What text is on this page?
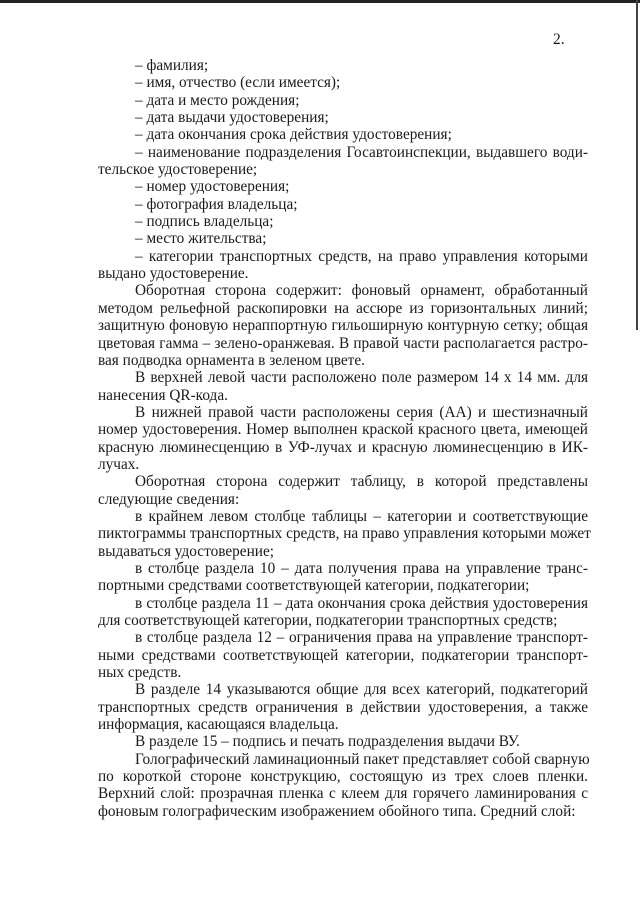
2.
– фамилия;
– имя, отчество (если имеется);
– дата и место рождения;
– дата выдачи удостоверения;
– дата окончания срока действия удостоверения;
– наименование подразделения Госавтоинспекции, выдавшего води-
тельское удостоверение;
– номер удостоверения;
– фотография владельца;
– подпись владельца;
– место жительства;
– категории транспортных средств, на право управления которыми
выдано удостоверение.
Оборотная сторона содержит: фоновый орнамент, обработанный
методом рельефной раскопировки на ассюре из горизонтальных линий;
защитную фоновую нераппортную гильоширную контурную сетку; общая
цветовая гамма – зелено-оранжевая. В правой части располагается растро-
вая подводка орнамента в зеленом цвете.
В верхней левой части расположено поле размером 14 х 14 мм. для
нанесения QR-кода.
В нижней правой части расположены серия (АА) и шестизначный
номер удостоверения. Номер выполнен краской красного цвета, имеющей
красную люминесценцию в УФ-лучах и красную люминесценцию в ИК-
лучах.
Оборотная сторона содержит таблицу, в которой представлены
следующие сведения:
в крайнем левом столбце таблицы – категории и соответствующие
пиктограммы транспортных средств, на право управления которыми может
выдаваться удостоверение;
в столбце раздела 10 – дата получения права на управление транс-
портными средствами соответствующей категории, подкатегории;
в столбце раздела 11 – дата окончания срока действия удостоверения
для соответствующей категории, подкатегории транспортных средств;
в столбце раздела 12 – ограничения права на управление транспорт-
ными средствами соответствующей категории, подкатегории транспорт-
ных средств.
В разделе 14 указываются общие для всех категорий, подкатегорий
транспортных средств ограничения в действии удостоверения, а также
информация, касающаяся владельца.
В разделе 15 – подпись и печать подразделения выдачи ВУ.
Голографический ламинационный пакет представляет собой сварную
по короткой стороне конструкцию, состоящую из трех слоев пленки.
Верхний слой: прозрачная пленка с клеем для горячего ламинирования с
фоновым голографическим изображением обойного типа. Средний слой:
